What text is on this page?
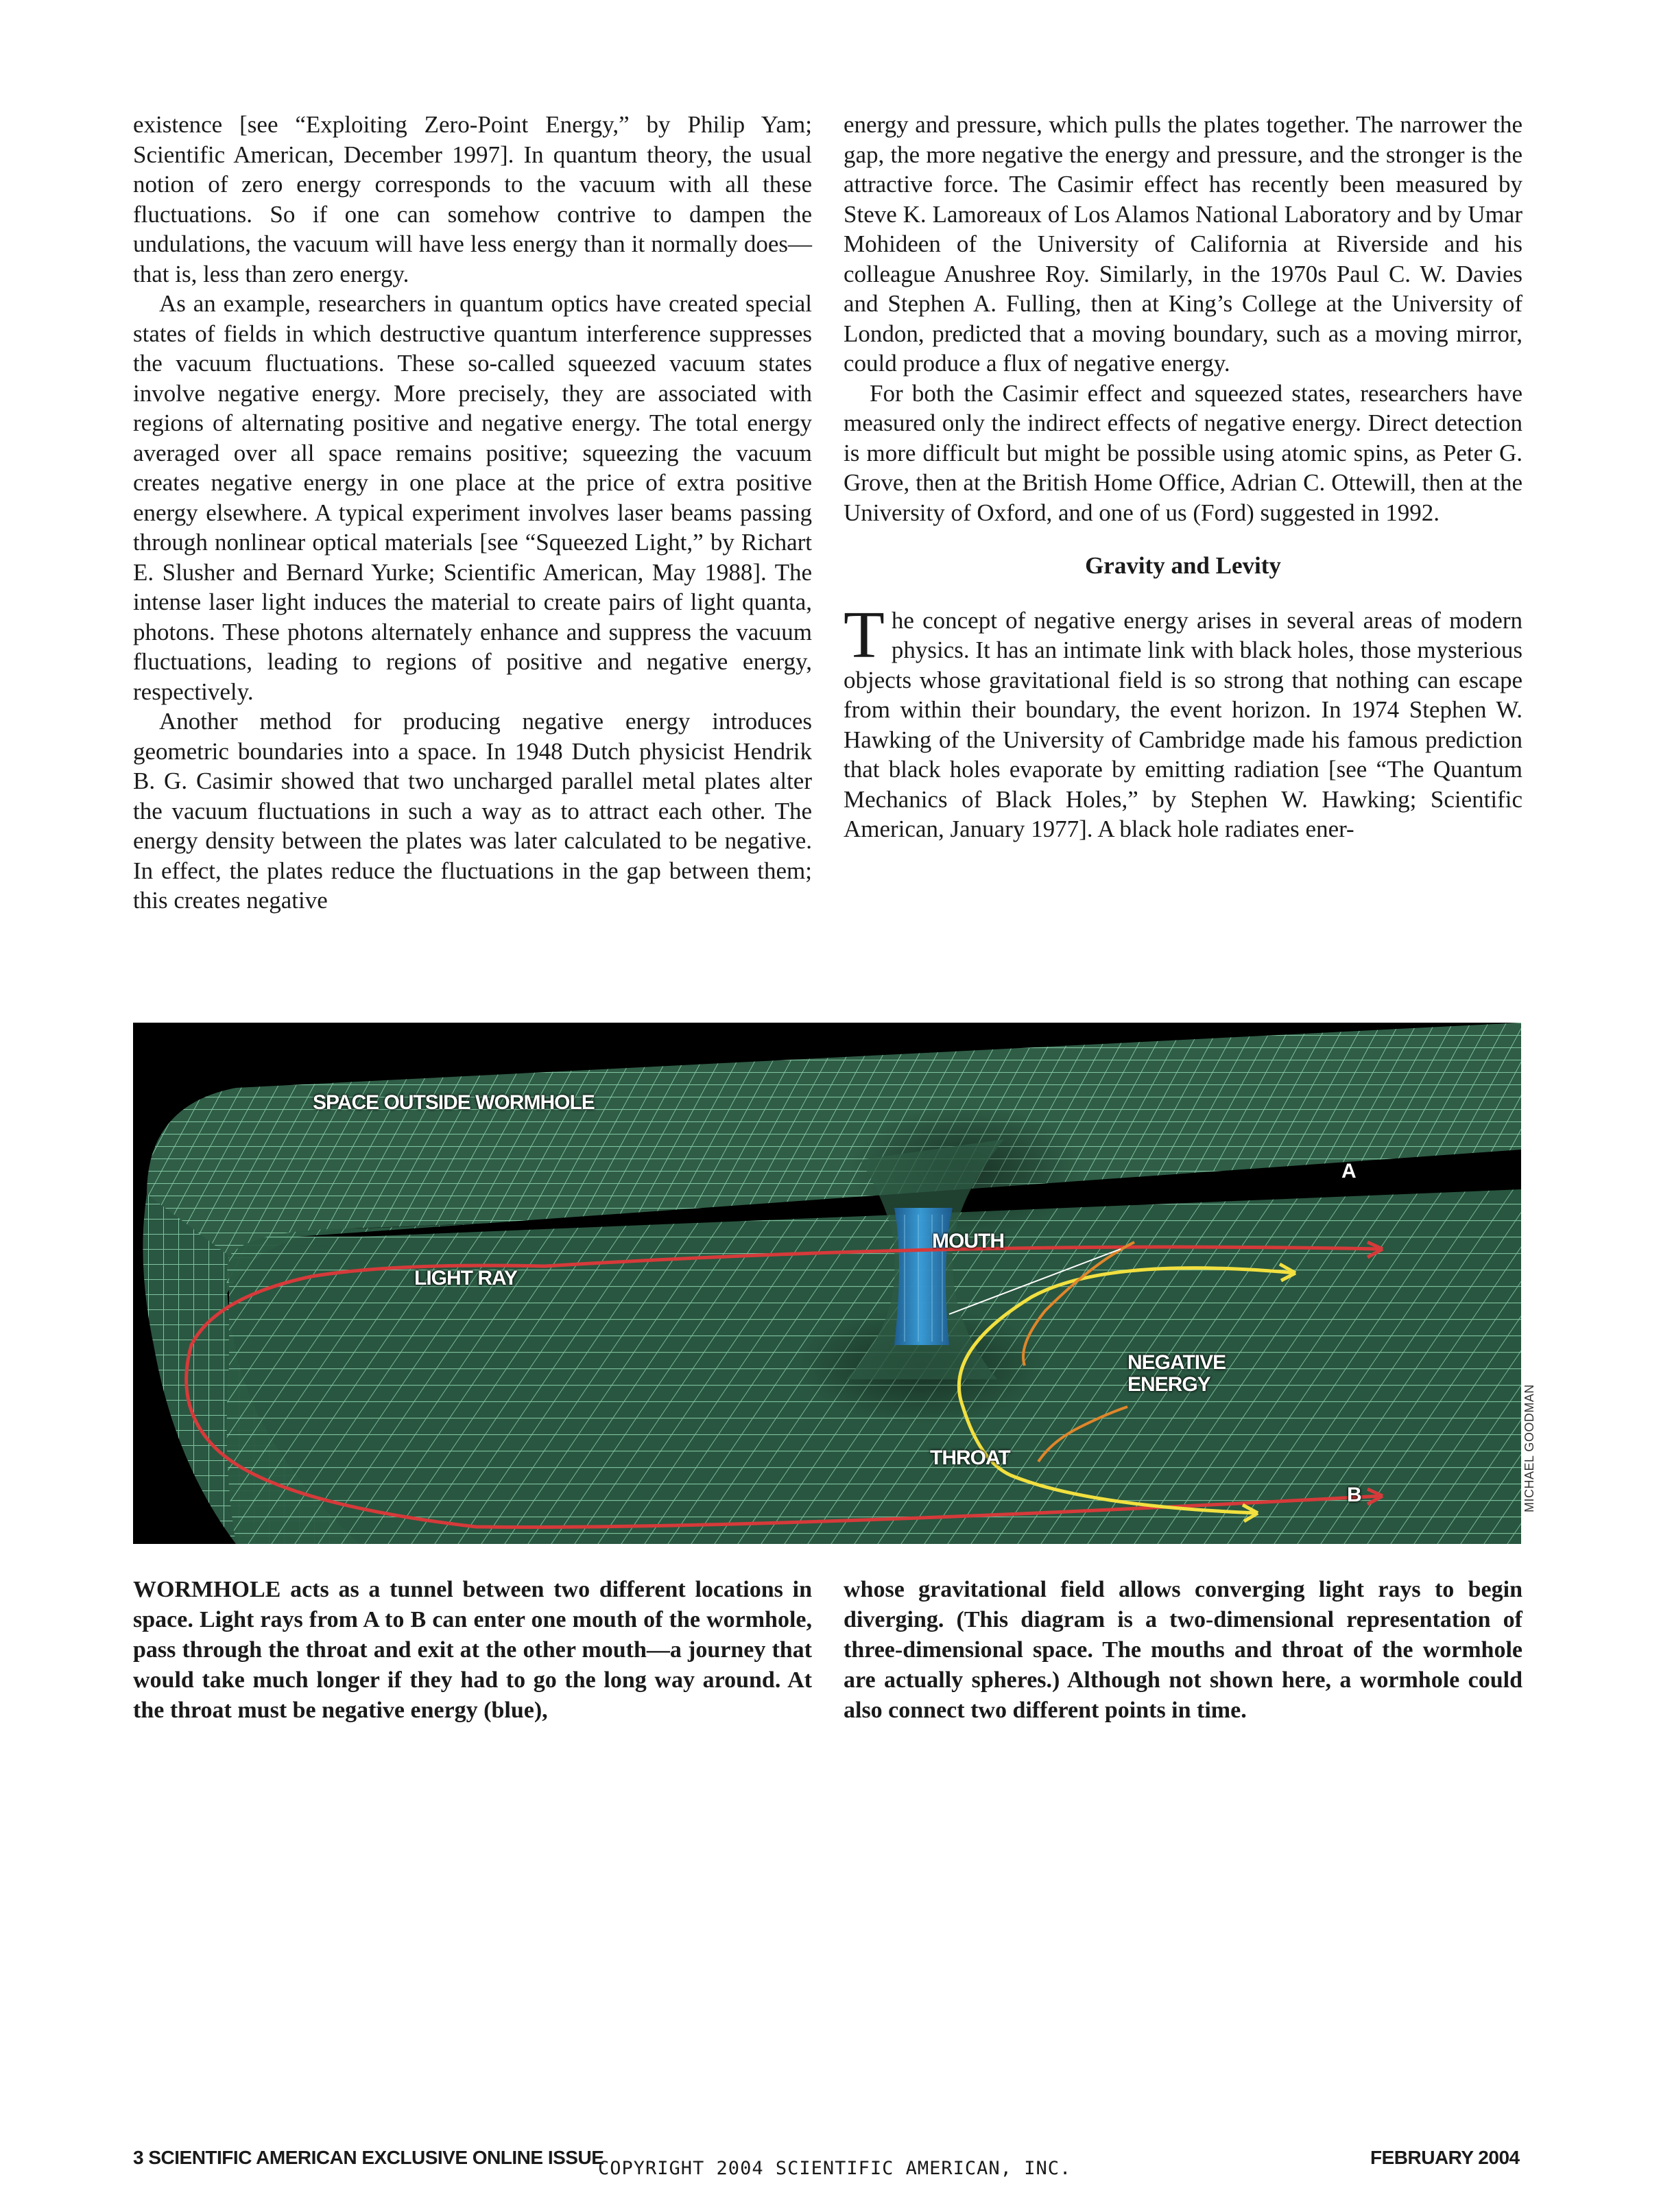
existence [see “Exploiting Zero-Point Energy,” by Philip Yam; Scientific American, December 1997]. In quantum theory, the usual notion of zero energy corresponds to the vacuum with all these fluctuations. So if one can somehow contrive to dampen the undulations, the vacuum will have less energy than it normally does—that is, less than zero energy.

As an example, researchers in quantum optics have created special states of fields in which destructive quantum interference suppresses the vacuum fluctuations. These so-called squeezed vacuum states involve negative energy. More precisely, they are associated with regions of alternating positive and negative energy. The total energy averaged over all space remains positive; squeezing the vacuum creates negative energy in one place at the price of extra positive energy elsewhere. A typical experiment involves laser beams passing through nonlinear optical materials [see “Squeezed Light,” by Richart E. Slusher and Bernard Yurke; Scientific American, May 1988]. The intense laser light induces the material to create pairs of light quanta, photons. These photons alternately enhance and suppress the vacuum fluctuations, leading to regions of positive and negative energy, respectively.

Another method for producing negative energy introduces geometric boundaries into a space. In 1948 Dutch physicist Hendrik B. G. Casimir showed that two uncharged parallel metal plates alter the vacuum fluctuations in such a way as to attract each other. The energy density between the plates was later calculated to be negative. In effect, the plates reduce the fluctuations in the gap between them; this creates negative

energy and pressure, which pulls the plates together. The narrower the gap, the more negative the energy and pressure, and the stronger is the attractive force. The Casimir effect has recently been measured by Steve K. Lamoreaux of Los Alamos National Laboratory and by Umar Mohideen of the University of California at Riverside and his colleague Anushree Roy. Similarly, in the 1970s Paul C. W. Davies and Stephen A. Fulling, then at King’s College at the University of London, predicted that a moving boundary, such as a moving mirror, could produce a flux of negative energy.

For both the Casimir effect and squeezed states, researchers have measured only the indirect effects of negative energy. Direct detection is more difficult but might be possible using atomic spins, as Peter G. Grove, then at the British Home Office, Adrian C. Ottewill, then at the University of Oxford, and one of us (Ford) suggested in 1992.

Gravity and Levity

The concept of negative energy arises in several areas of modern physics. It has an intimate link with black holes, those mysterious objects whose gravitational field is so strong that nothing can escape from within their boundary, the event horizon. In 1974 Stephen W. Hawking of the University of Cambridge made his famous prediction that black holes evaporate by emitting radiation [see “The Quantum Mechanics of Black Holes,” by Stephen W. Hawking; Scientific American, January 1977]. A black hole radiates ener-

SPACE OUTSIDE WORMHOLE
LIGHT RAY
MOUTH
NEGATIVE
ENERGY
THROAT
A
B	MICHAEL GOODMAN
WORMHOLE acts as a tunnel between two different locations in space. Light rays from A to B can enter one mouth of the wormhole, pass through the throat and exit at the other mouth—a journey that would take much longer if they had to go the long way around. At the throat must be negative energy (blue),
whose gravitational field allows converging light rays to begin diverging. (This diagram is a two-dimensional representation of three-dimensional space. The mouths and throat of the wormhole are actually spheres.) Although not shown here, a wormhole could also connect two different points in time.
3 SCIENTIFIC AMERICAN EXCLUSIVE ONLINE ISSUE
COPYRIGHT 2004 SCIENTIFIC AMERICAN, INC.
FEBRUARY 2004
